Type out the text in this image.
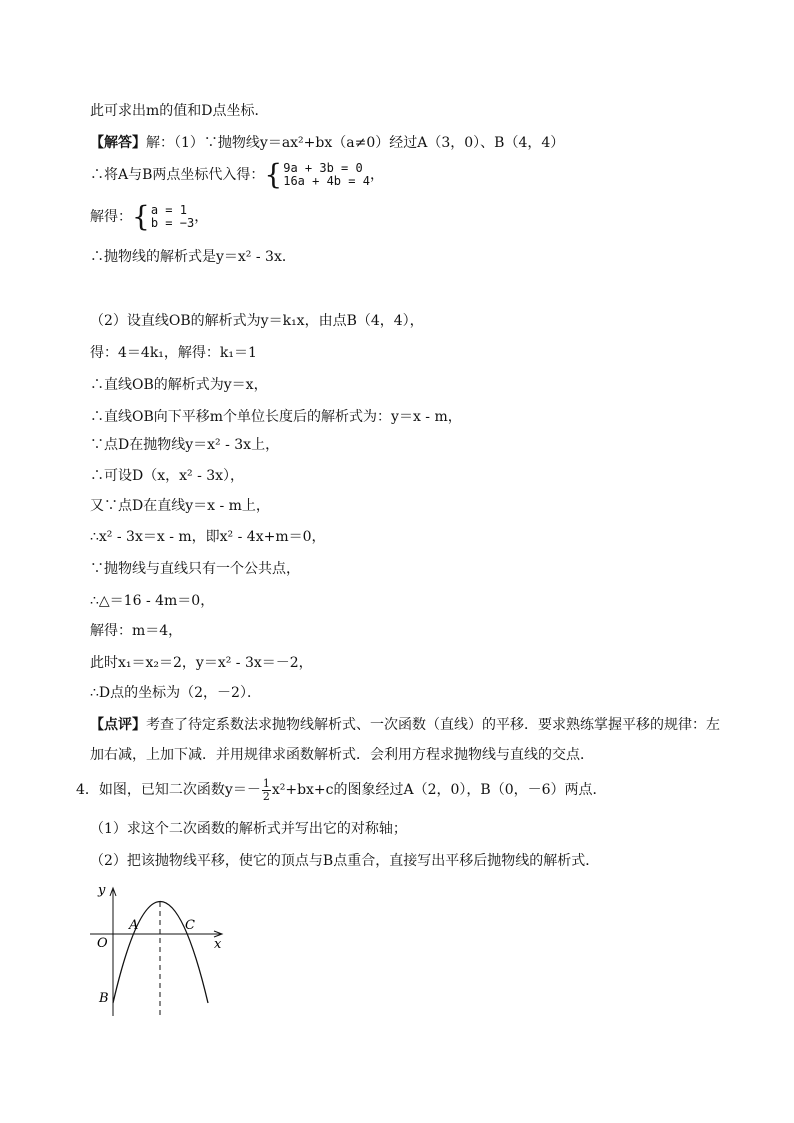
此可求出m的值和D点坐标．
【解答】解：（1）∵抛物线y＝ax²+bx（a≠0）经过A（3，0）、B（4，4）
∴将A与B两点坐标代入得：{ 9a + 3b = 0
16a + 4b = 4 ，
解得：{ a = 1
b = −3 ，
∴抛物线的解析式是y＝x² - 3x．
（2）设直线OB的解析式为y＝k₁x，由点B（4，4），
得：4＝4k₁，解得：k₁＝1
∴直线OB的解析式为y＝x，
∴直线OB向下平移m个单位长度后的解析式为：y＝x - m，
∵点D在抛物线y＝x² - 3x上，
∴可设D（x，x² - 3x），
又∵点D在直线y＝x - m上，
∴x² - 3x＝x - m，即x² - 4x+m＝0，
∵抛物线与直线只有一个公共点，
∴△＝16 - 4m＝0，
解得：m＝4，
此时x₁＝x₂＝2，y＝x² - 3x＝－2，
∴D点的坐标为（2，－2）．
【点评】考查了待定系数法求抛物线解析式、一次函数（直线）的平移．要求熟练掌握平移的规律：左
加右减，上加下减．并用规律求函数解析式．会利用方程求抛物线与直线的交点．
4．如图，已知二次函数$y=- \frac{1}{2} x^2+bx+c$的图象经过A（2，0），B（0，－6）两点．
（1）求这个二次函数的解析式并写出它的对称轴；
（2）把该抛物线平移，使它的顶点与B点重合，直接写出平移后抛物线的解析式．
y
x
O
A	C
B
